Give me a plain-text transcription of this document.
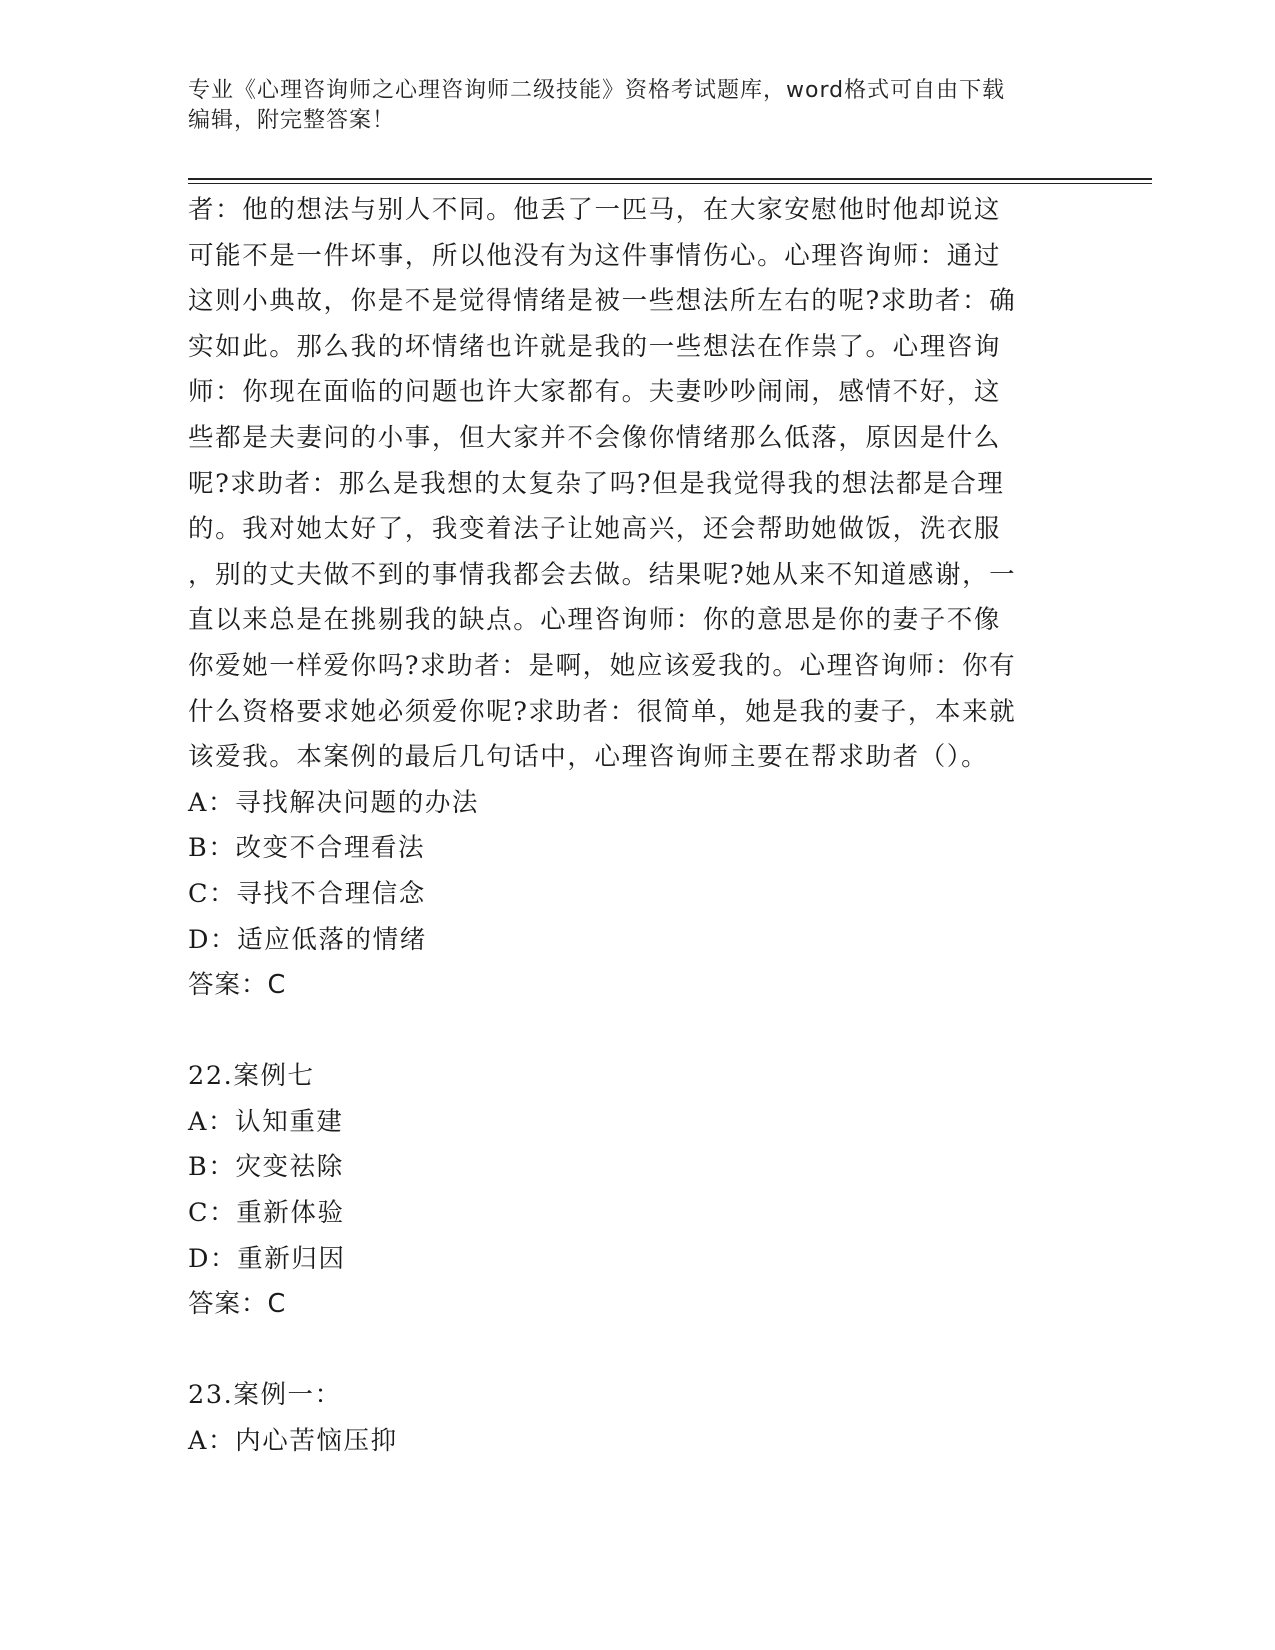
专业《心理咨询师之心理咨询师二级技能》资格考试题库，word格式可自由下载
编辑，附完整答案！
者：他的想法与别人不同。他丢了一匹马，在大家安慰他时他却说这
可能不是一件坏事，所以他没有为这件事情伤心。心理咨询师：通过
这则小典故，你是不是觉得情绪是被一些想法所左右的呢?求助者：确
实如此。那么我的坏情绪也许就是我的一些想法在作祟了。心理咨询
师：你现在面临的问题也许大家都有。夫妻吵吵闹闹，感情不好，这
些都是夫妻问的小事，但大家并不会像你情绪那么低落，原因是什么
呢?求助者：那么是我想的太复杂了吗?但是我觉得我的想法都是合理
的。我对她太好了，我变着法子让她高兴，还会帮助她做饭，洗衣服
，别的丈夫做不到的事情我都会去做。结果呢?她从来不知道感谢，一
直以来总是在挑剔我的缺点。心理咨询师：你的意思是你的妻子不像
你爱她一样爱你吗?求助者：是啊，她应该爱我的。心理咨询师：你有
什么资格要求她必须爱你呢?求助者：很简单，她是我的妻子，本来就
该爱我。本案例的最后几句话中，心理咨询师主要在帮求助者（）。
A：寻找解决问题的办法
B：改变不合理看法
C：寻找不合理信念
D：适应低落的情绪
答案：C
22.案例七
A：认知重建
B：灾变祛除
C：重新体验
D：重新归因
答案：C
23.案例一：
A：内心苦恼压抑
